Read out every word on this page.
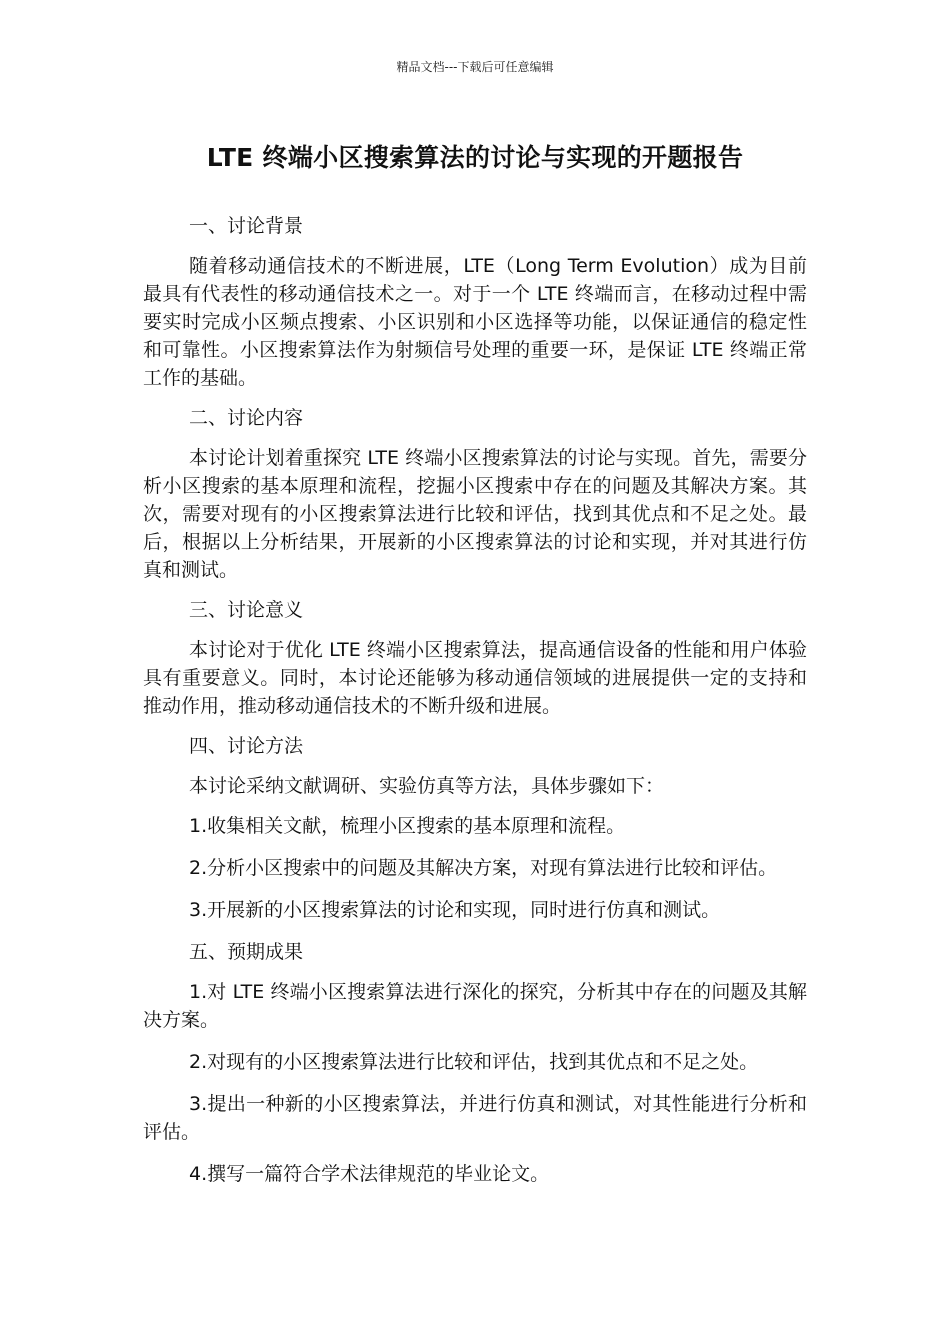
精品文档---下载后可任意编辑
LTE 终端小区搜索算法的讨论与实现的开题报告
一、讨论背景
随着移动通信技术的不断进展，LTE（Long Term Evolution）成为目前最具有代表性的移动通信技术之一。对于一个 LTE 终端而言，在移动过程中需要实时完成小区频点搜索、小区识别和小区选择等功能，以保证通信的稳定性和可靠性。小区搜索算法作为射频信号处理的重要一环，是保证 LTE 终端正常工作的基础。
二、讨论内容
本讨论计划着重探究 LTE 终端小区搜索算法的讨论与实现。首先，需要分析小区搜索的基本原理和流程，挖掘小区搜索中存在的问题及其解决方案。其次，需要对现有的小区搜索算法进行比较和评估，找到其优点和不足之处。最后，根据以上分析结果，开展新的小区搜索算法的讨论和实现，并对其进行仿真和测试。
三、讨论意义
本讨论对于优化 LTE 终端小区搜索算法，提高通信设备的性能和用户体验具有重要意义。同时，本讨论还能够为移动通信领域的进展提供一定的支持和推动作用，推动移动通信技术的不断升级和进展。
四、讨论方法
本讨论采纳文献调研、实验仿真等方法，具体步骤如下：
1.收集相关文献，梳理小区搜索的基本原理和流程。
2.分析小区搜索中的问题及其解决方案，对现有算法进行比较和评估。
3.开展新的小区搜索算法的讨论和实现，同时进行仿真和测试。
五、预期成果
1.对 LTE 终端小区搜索算法进行深化的探究，分析其中存在的问题及其解决方案。
2.对现有的小区搜索算法进行比较和评估，找到其优点和不足之处。
3.提出一种新的小区搜索算法，并进行仿真和测试，对其性能进行分析和评估。
4.撰写一篇符合学术法律规范的毕业论文。
